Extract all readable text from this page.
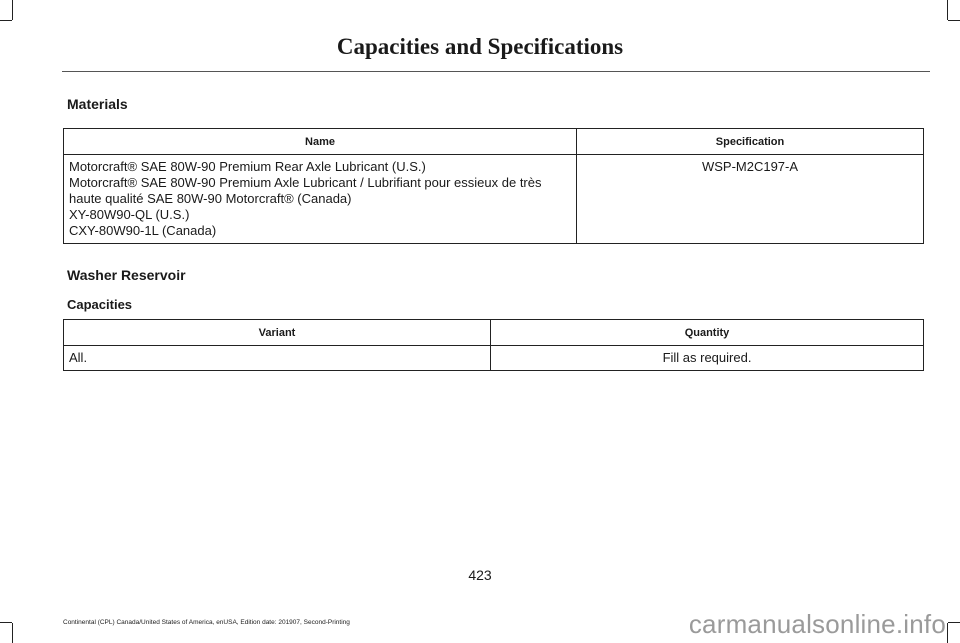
Capacities and Specifications
Materials
Name	Specification

Motorcraft® SAE 80W-90 Premium Rear Axle Lubricant (U.S.)
Motorcraft® SAE 80W-90 Premium Axle Lubricant / Lubrifiant pour essieux de très
haute qualité SAE 80W-90 Motorcraft® (Canada)
XY-80W90-QL (U.S.)
CXY-80W90-1L (Canada)	WSP-M2C197-A
Washer Reservoir
Capacities
Variant	Quantity
All.	Fill as required.
423
Continental (CPL) Canada/United States of America, enUSA, Edition date: 201907, Second-Printing	carmanualsonline.info
